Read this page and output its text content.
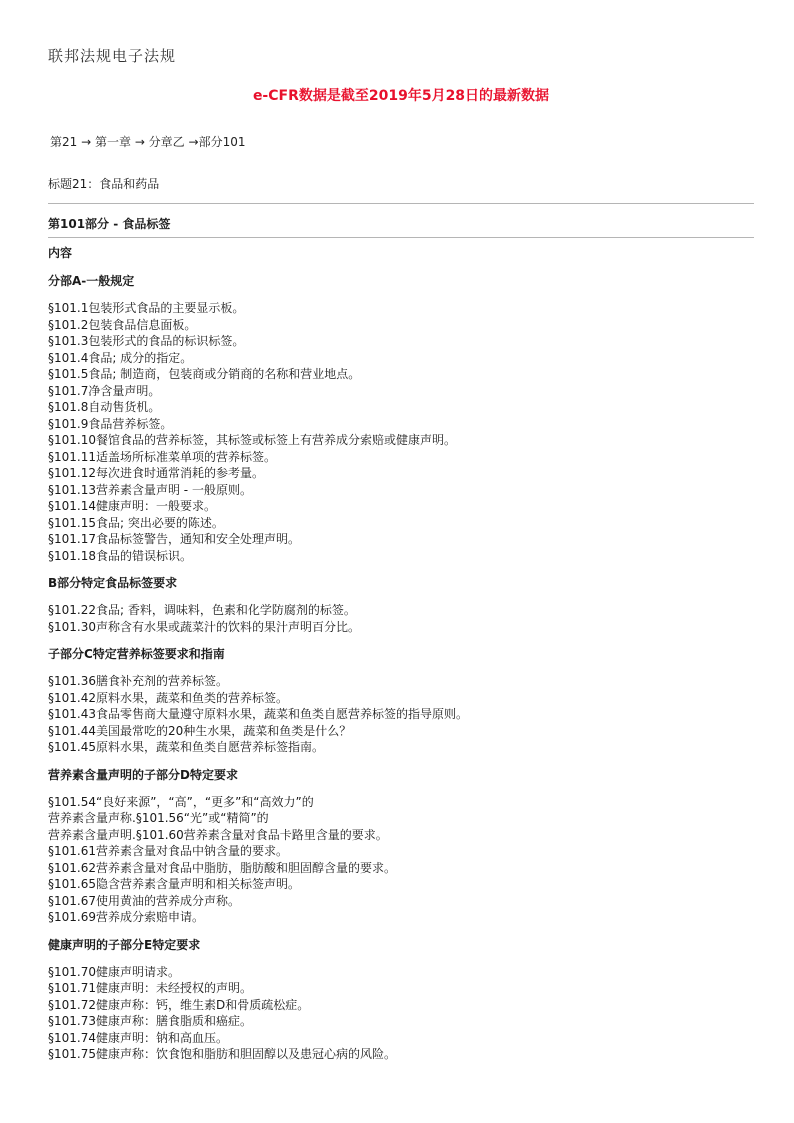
联邦法规电子法规
e-CFR数据是截至2019年5月28日的最新数据
第21 → 第一章 → 分章乙 →部分101
标题21：食品和药品
第101部分 - 食品标签
内容
分部A-一般规定
§101.1包装形式食品的主要显示板。
§101.2包装食品信息面板。
§101.3包装形式的食品的标识标签。
§101.4食品; 成分的指定。
§101.5食品; 制造商，包装商或分销商的名称和营业地点。
§101.7净含量声明。
§101.8自动售货机。
§101.9食品营养标签。
§101.10餐馆食品的营养标签，其标签或标签上有营养成分索赔或健康声明。
§101.11适盖场所标准菜单项的营养标签。
§101.12每次进食时通常消耗的参考量。
§101.13营养素含量声明 - 一般原则。
§101.14健康声明：一般要求。
§101.15食品; 突出必要的陈述。
§101.17食品标签警告，通知和安全处理声明。
§101.18食品的错误标识。
B部分特定食品标签要求
§101.22食品; 香料，调味料，色素和化学防腐剂的标签。
§101.30声称含有水果或蔬菜汁的饮料的果汁声明百分比。
子部分C特定营养标签要求和指南
§101.36膳食补充剂的营养标签。
§101.42原料水果，蔬菜和鱼类的营养标签。
§101.43食品零售商大量遵守原料水果，蔬菜和鱼类自愿营养标签的指导原则。
§101.44美国最常吃的20种生水果，蔬菜和鱼类是什么？
§101.45原料水果，蔬菜和鱼类自愿营养标签指南。
营养素含量声明的子部分D特定要求
§101.54“良好来源”，“高”，“更多”和“高效力”的
营养素含量声称.§101.56“光”或“精简”的
营养素含量声明.§101.60营养素含量对食品卡路里含量的要求。
§101.61营养素含量对食品中钠含量的要求。
§101.62营养素含量对食品中脂肪，脂肪酸和胆固醇含量的要求。
§101.65隐含营养素含量声明和相关标签声明。
§101.67使用黄油的营养成分声称。
§101.69营养成分索赔申请。
健康声明的子部分E特定要求
§101.70健康声明请求。
§101.71健康声明：未经授权的声明。
§101.72健康声称：钙，维生素D和骨质疏松症。
§101.73健康声称：膳食脂质和癌症。
§101.74健康声明：钠和高血压。
§101.75健康声称：饮食饱和脂肪和胆固醇以及患冠心病的风险。
